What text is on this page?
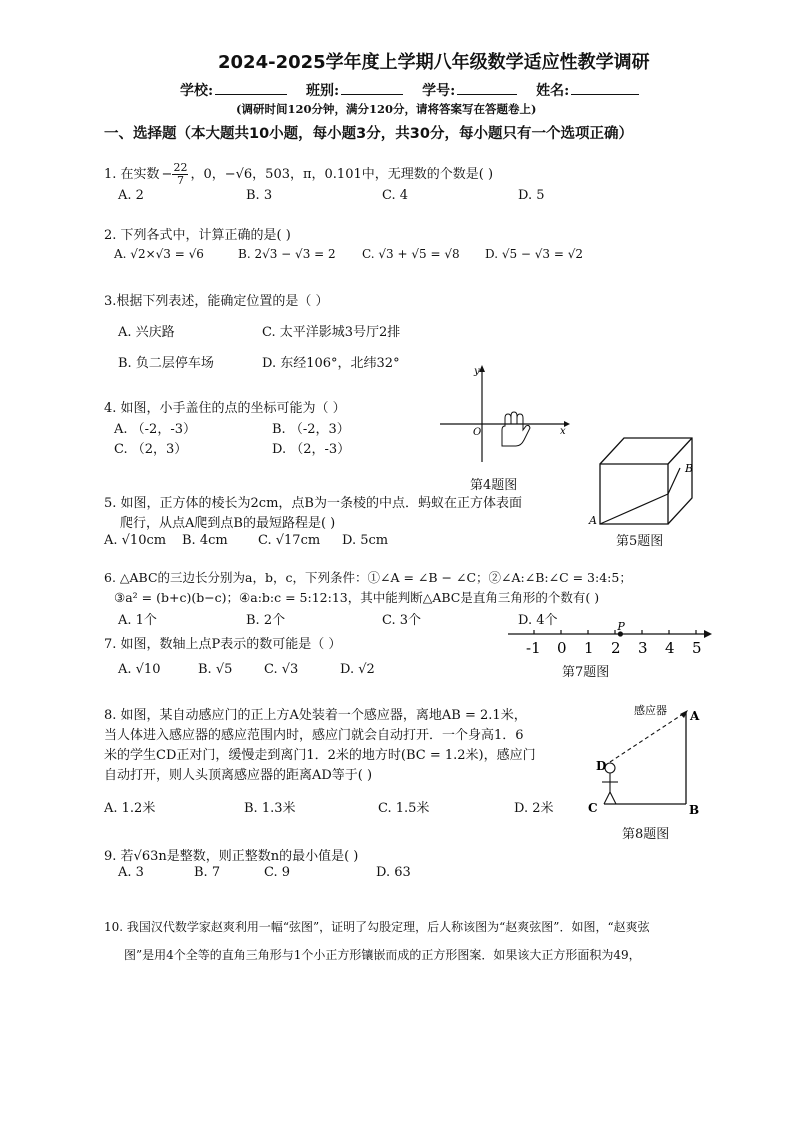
2024-2025学年度上学期八年级数学适应性教学调研
学校:	班别:	学号:	姓名:
(调研时间120分钟，满分120分，请将答案写在答题卷上)
一、选择题（本大题共10小题，每小题3分，共30分，每小题只有一个选项正确）
1. 在实数 − $\frac{22}{7}$ ，0，−√6，503，π，0.101中，无理数的个数是( )
A. 2	B. 3	C. 4	D. 5
2. 下列各式中，计算正确的是( )
A. √2×√3 = √6	B. 2√3 − √3 = 2 C. √3 + √5 = √8 D. √5 − √3 = √2
3.根据下列表述，能确定位置的是（ ）
A. 兴庆路	C. 太平洋影城3号厅2排
B. 负二层停车场	D. 东经106°，北纬32°
4. 如图，小手盖住的点的坐标可能为（ ）
A. （-2，-3）	B. （-2，3）
C. （2，3）	D. （2，-3）
x
y
O
第4题图
5. 如图，正方体的棱长为2cm，点B为一条棱的中点．蚂蚁在正方体表面
爬行，从点A爬到点B的最短路程是( )
A. √10cm B. 4cm C. √17cm D. 5cm
A
B
第5题图
6. △ABC的三边长分别为a，b，c，下列条件：①∠A = ∠B − ∠C；②∠A:∠B:∠C = 3:4:5；
③a² = (b+c)(b−c)；④a:b:c = 5:12:13，其中能判断△ABC是直角三角形的个数有( )
A. 1个	B. 2个	C. 3个	D. 4个
7. 如图，数轴上点P表示的数可能是（ ）
A. √10	B. √5 C. √3	D. √2
-1 0 1 2 3 4 5
P
第7题图
8. 如图，某自动感应门的正上方A处装着一个感应器，离地AB = 2.1米，
当人体进入感应器的感应范围内时，感应门就会自动打开．一个身高1．6
米的学生CD正对门，缓慢走到离门1．2米的地方时(BC = 1.2米)，感应门
自动打开，则人头顶离感应器的距离AD等于( )
A. 1.2米	B. 1.3米	C. 1.5米	D. 2米
感应器
D
C
A
B
第8题图
9. 若√63n是整数，则正整数n的最小值是( )
A. 3	B. 7	C. 9	D. 63
10. 我国汉代数学家赵爽利用一幅“弦图”，证明了勾股定理，后人称该图为“赵爽弦图”．如图，“赵爽弦
图”是用4个全等的直角三角形与1个小正方形镶嵌而成的正方形图案．如果该大正方形面积为49，
